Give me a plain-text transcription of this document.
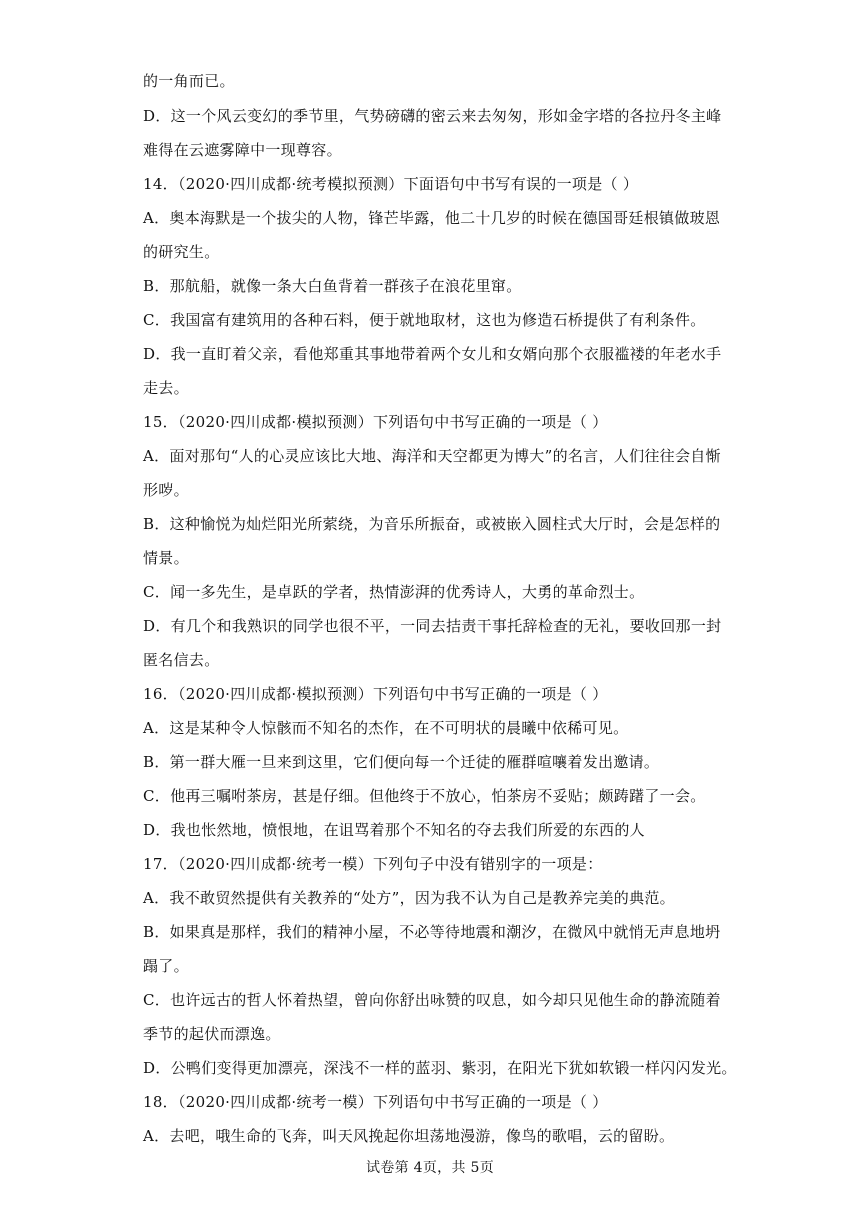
的一角而已。
D．这一个风云变幻的季节里，气势磅礴的密云来去匆匆，形如金字塔的各拉丹冬主峰
难得在云遮雾障中一现尊容。
14．（2020·四川成都·统考模拟预测）下面语句中书写有误的一项是（ ）
A．奥本海默是一个拔尖的人物，锋芒毕露，他二十几岁的时候在德国哥廷根镇做玻恩
的研究生。
B．那航船，就像一条大白鱼背着一群孩子在浪花里窜。
C．我国富有建筑用的各种石料，便于就地取材，这也为修造石桥提供了有利条件。
D．我一直盯着父亲，看他郑重其事地带着两个女儿和女婿向那个衣服褴褛的年老水手
走去。
15．（2020·四川成都·模拟预测）下列语句中书写正确的一项是（ ）
A．面对那句“人的心灵应该比大地、海洋和天空都更为博大”的名言，人们往往会自惭
形哕。
B．这种愉悦为灿烂阳光所萦绕，为音乐所振奋，或被嵌入圆柱式大厅时，会是怎样的
情景。
C．闻一多先生，是卓跃的学者，热情澎湃的优秀诗人，大勇的革命烈士。
D．有几个和我熟识的同学也很不平，一同去拮责干事托辞检查的无礼，要收回那一封
匿名信去。
16．（2020·四川成都·模拟预测）下列语句中书写正确的一项是（ ）
A．这是某种令人惊骸而不知名的杰作，在不可明状的晨曦中依稀可见。
B．第一群大雁一旦来到这里，它们便向每一个迁徒的雁群喧嚷着发出邀请。
C．他再三嘱咐茶房，甚是仔细。但他终于不放心，怕茶房不妥贴；颇踌躇了一会。
D．我也怅然地，愤恨地，在诅骂着那个不知名的夺去我们所爱的东西的人
17．（2020·四川成都·统考一模）下列句子中没有错别字的一项是：
A．我不敢贸然提供有关教养的“处方”，因为我不认为自己是教养完美的典范。
B．如果真是那样，我们的精神小屋，不必等待地震和潮汐，在微风中就悄无声息地坍
蹋了。
C．也许远古的哲人怀着热望，曾向你舒出咏赞的叹息，如今却只见他生命的静流随着
季节的起伏而漂逸。
D．公鸭们变得更加漂亮，深浅不一样的蓝羽、紫羽，在阳光下犹如软锻一样闪闪发光。
18．（2020·四川成都·统考一模）下列语句中书写正确的一项是（ ）
A．去吧，哦生命的飞奔，叫天风挽起你坦荡地漫游，像鸟的歌唱，云的留盼。
试卷第 4页，共 5页
